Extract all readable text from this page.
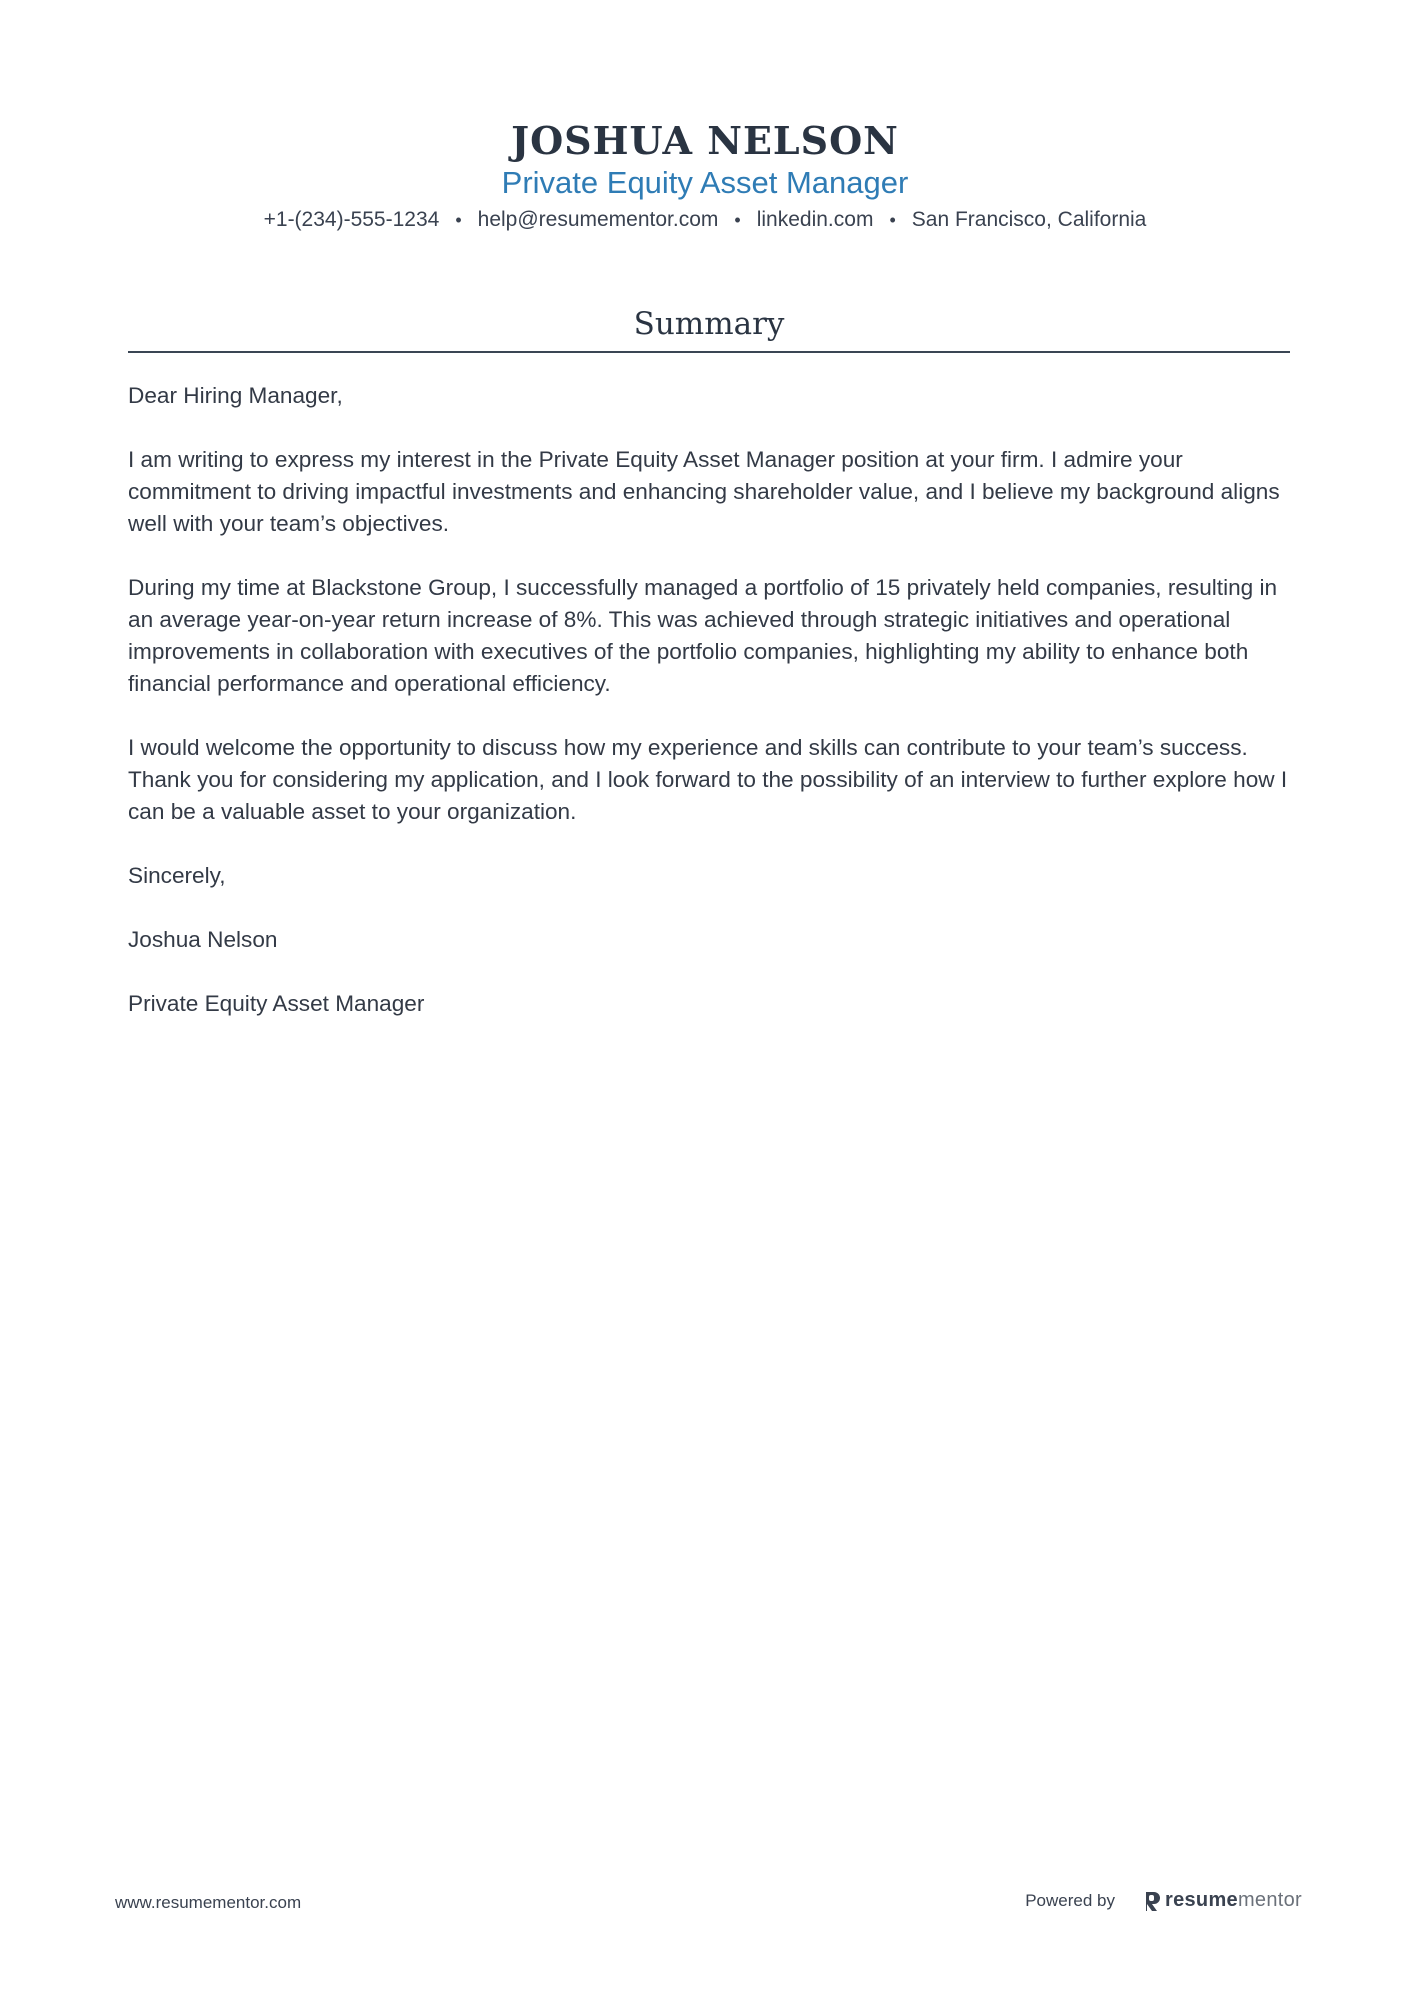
JOSHUA NELSON
Private Equity Asset Manager
+1-(234)-555-1234 • help@resumementor.com • linkedin.com • San Francisco, California
Summary

Dear Hiring Manager,

I am writing to express my interest in the Private Equity Asset Manager position at your firm. I admire your commitment to driving impactful investments and enhancing shareholder value, and I believe my background aligns well with your team’s objectives.

During my time at Blackstone Group, I successfully managed a portfolio of 15 privately held companies, resulting in an average year-on-year return increase of 8%. This was achieved through strategic initiatives and operational improvements in collaboration with executives of the portfolio companies, highlighting my ability to enhance both financial performance and operational efficiency.

I would welcome the opportunity to discuss how my experience and skills can contribute to your team’s success. Thank you for considering my application, and I look forward to the possibility of an interview to further explore how I can be a valuable asset to your organization.

Sincerely,

Joshua Nelson

Private Equity Asset Manager

www.resumementor.com	Powered by	resume mentor
